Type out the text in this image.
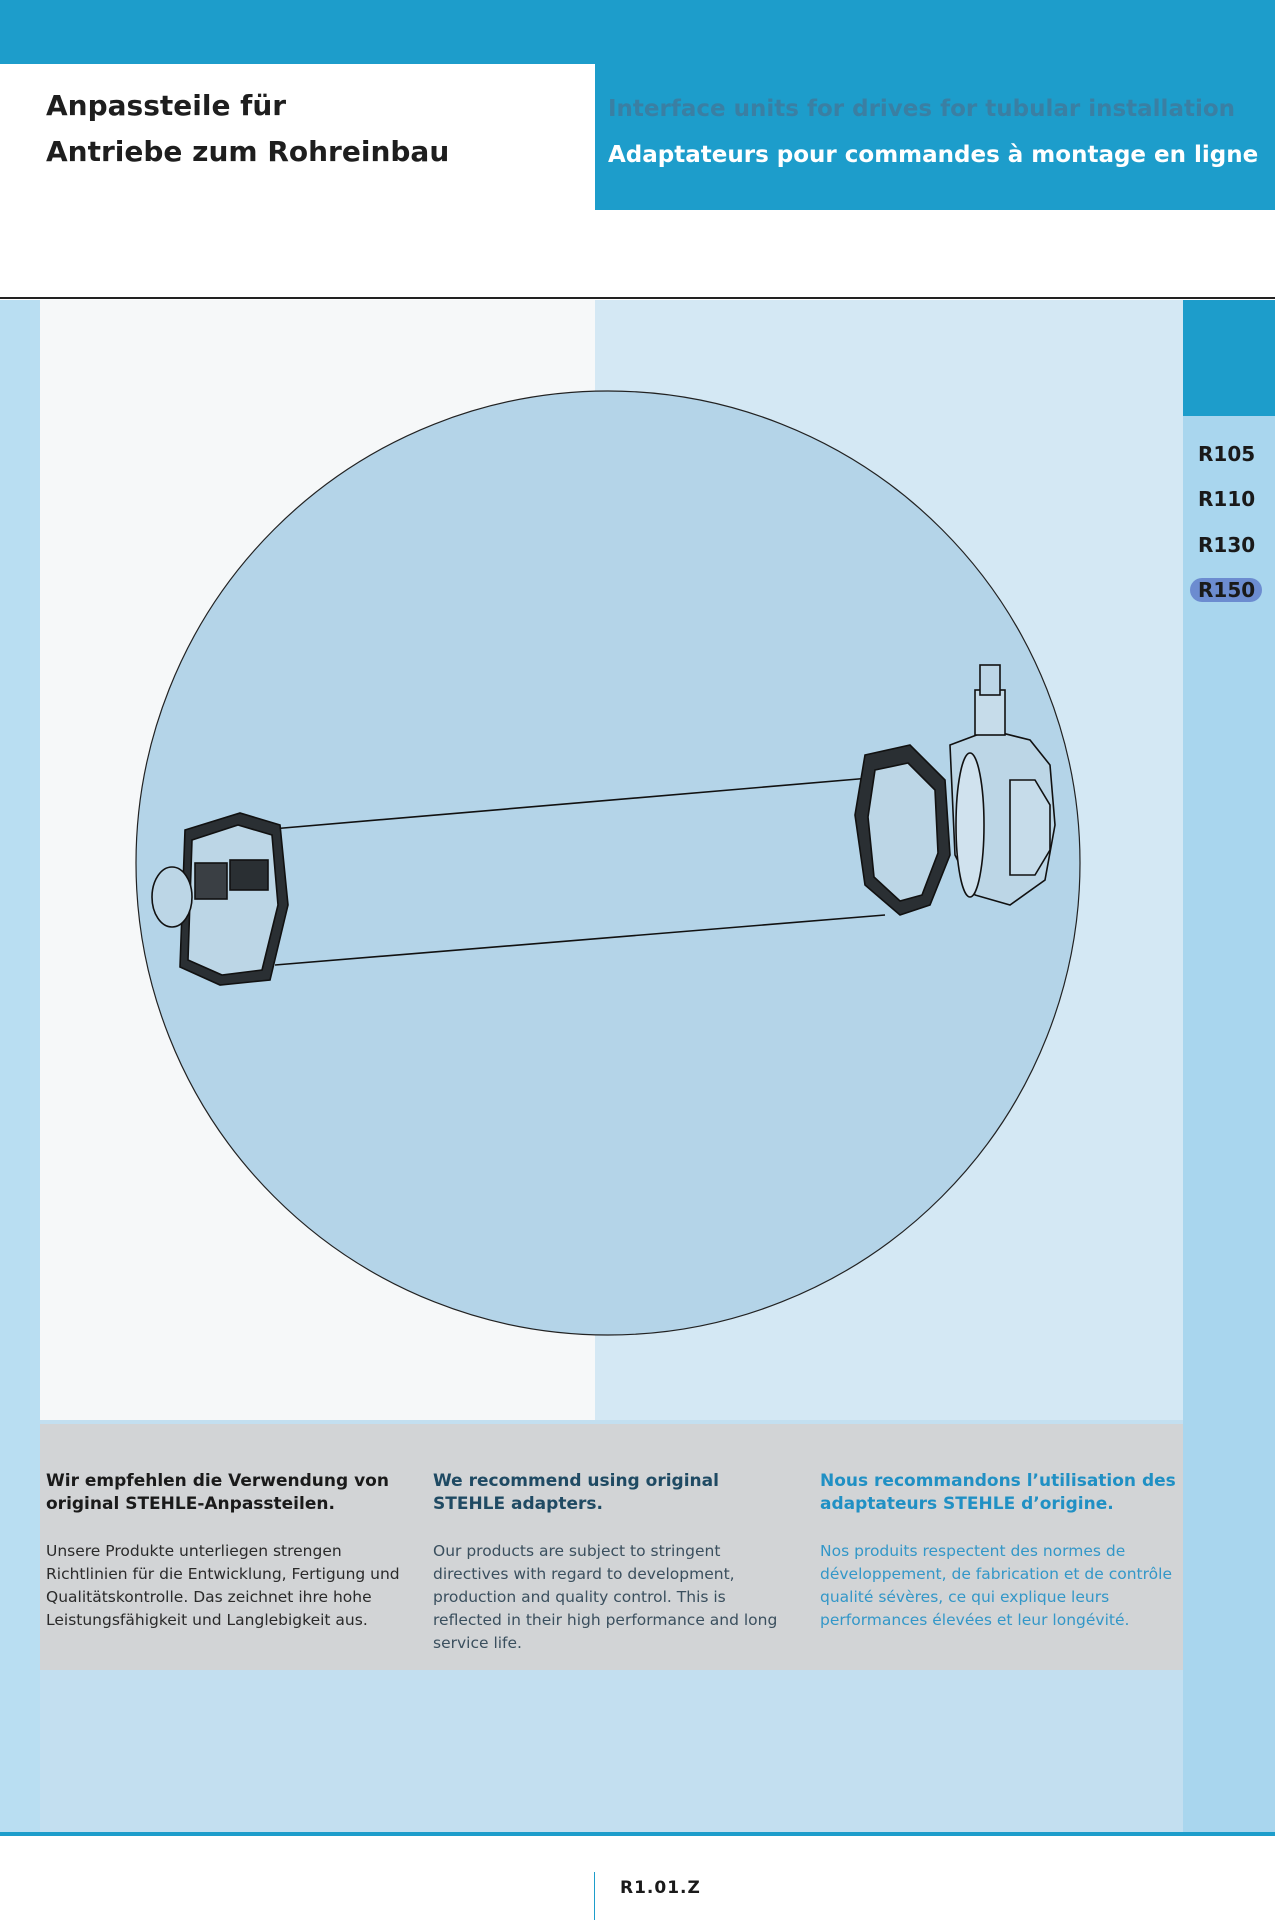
Anpassteile für
Antriebe zum Rohreinbau
Interface units for drives for tubular installation
Adaptateurs pour commandes à montage en ligne
R105
R110
R130
R150
Wir empfehlen die Verwendung von original STEHLE-Anpassteilen.
Unsere Produkte unterliegen strengen Richtlinien für die Entwicklung, Fertigung und Qualitätskontrolle. Das zeichnet ihre hohe Leistungsfähigkeit und Langlebigkeit aus.
We recommend using original STEHLE adapters.
Our products are subject to stringent directives with regard to development, production and quality control. This is reflected in their high performance and long service life.
Nous recommandons l’utilisation des adaptateurs STEHLE d’origine.
Nos produits respectent des normes de développement, de fabrication et de contrôle qualité sévères, ce qui explique leurs performances élevées et leur longévité.
R1.01.Z
